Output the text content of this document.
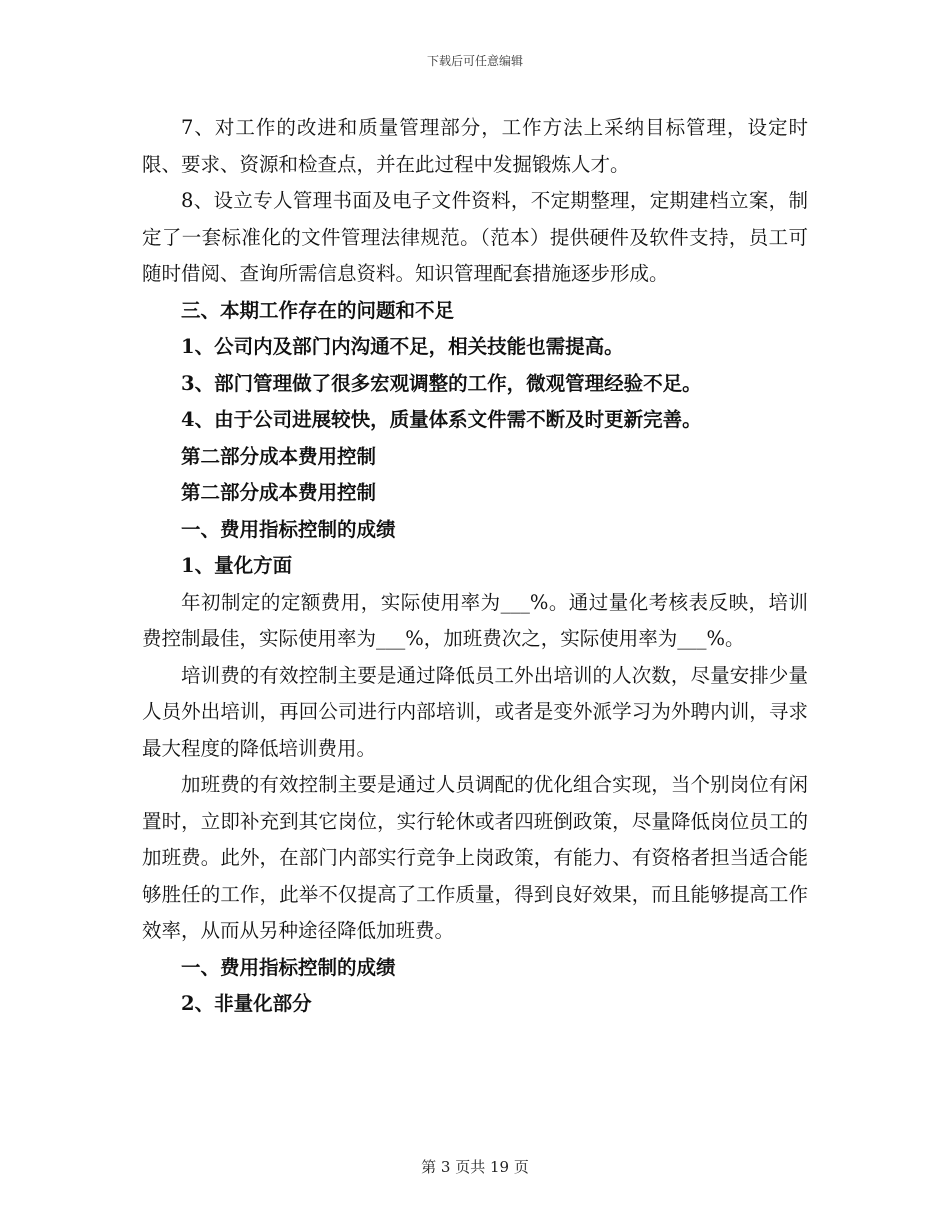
下载后可任意编辑

7、对工作的改进和质量管理部分，工作方法上采纳目标管理，设定时限、要求、资源和检查点，并在此过程中发掘锻炼人才。

8、设立专人管理书面及电子文件资料，不定期整理，定期建档立案，制定了一套标准化的文件管理法律规范。（范本）提供硬件及软件支持，员工可随时借阅、查询所需信息资料。知识管理配套措施逐步形成。

三、本期工作存在的问题和不足

1、公司内及部门内沟通不足，相关技能也需提高。

3、部门管理做了很多宏观调整的工作，微观管理经验不足。

4、由于公司进展较快，质量体系文件需不断及时更新完善。

第二部分成本费用控制

第二部分成本费用控制

一、费用指标控制的成绩

1、量化方面

年初制定的定额费用，实际使用率为___%。通过量化考核表反映，培训费控制最佳，实际使用率为___%，加班费次之，实际使用率为___%。

培训费的有效控制主要是通过降低员工外出培训的人次数，尽量安排少量人员外出培训，再回公司进行内部培训，或者是变外派学习为外聘内训，寻求最大程度的降低培训费用。

加班费的有效控制主要是通过人员调配的优化组合实现，当个别岗位有闲置时，立即补充到其它岗位，实行轮休或者四班倒政策，尽量降低岗位员工的加班费。此外，在部门内部实行竞争上岗政策，有能力、有资格者担当适合能够胜任的工作，此举不仅提高了工作质量，得到良好效果，而且能够提高工作效率，从而从另种途径降低加班费。

一、费用指标控制的成绩

2、非量化部分

第 3 页共 19 页
